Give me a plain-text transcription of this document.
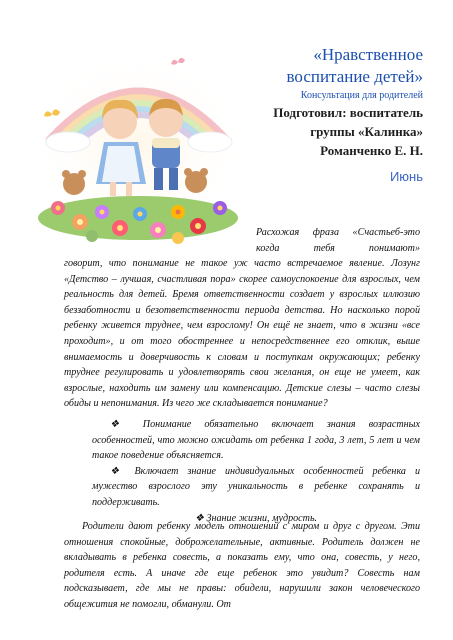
«Нравственное
воспитание детей»
Консультация для родителей
Подготовил: воспитатель
группы «Калинка»
Романченко Е. Н.
Июнь
Расхожая фраза «Счастьеб-это когда тебя понимают»
говорит, что понимание не такое уж часто встречаемое явление. Лозунг «Детство – лучшая, счастливая пора» скорее самоуспокоение для взрослых, чем реальность для детей. Бремя ответственности создает у взрослых иллюзию беззаботности и безответственности периода детства. Но насколько порой ребенку живется труднее, чем взрослому! Он ещё не знает, что в жизни «все проходит», и от того обостреннее и непосредственнее его отклик, выше внимаемость и доверчивость к словам и поступкам окружающих; ребенку труднее регулировать и удовлетворять свои желания, он еще не умеет, как взрослые, находить им замену или компенсацию. Детские слезы – часто слезы обиды и непонимания. Из чего же складывается понимание?
❖ Понимание обязательно включает знания возрастных особенностей, что можно ожидать от ребенка 1 года, 3 лет, 5 лет и чем такое поведение объясняется.
❖ Включает знание индивидуальных особенностей ребенка и мужество взрослого эту уникальность в ребенке сохранять и поддерживать.
❖ Знание жизни, мудрость.
Родители дают ребенку модель отношений с миром и друг с другом. Эти отношения спокойные, доброжелательные, активные. Родитель должен не вкладывать в ребенка совесть, а показать ему, что она, совесть, у него, родителя есть. А иначе где еще ребенок это увидит? Совесть нам подсказывает, где мы не правы: обидели, нарушили закон человеческого общежития не помогли, обманули. От
